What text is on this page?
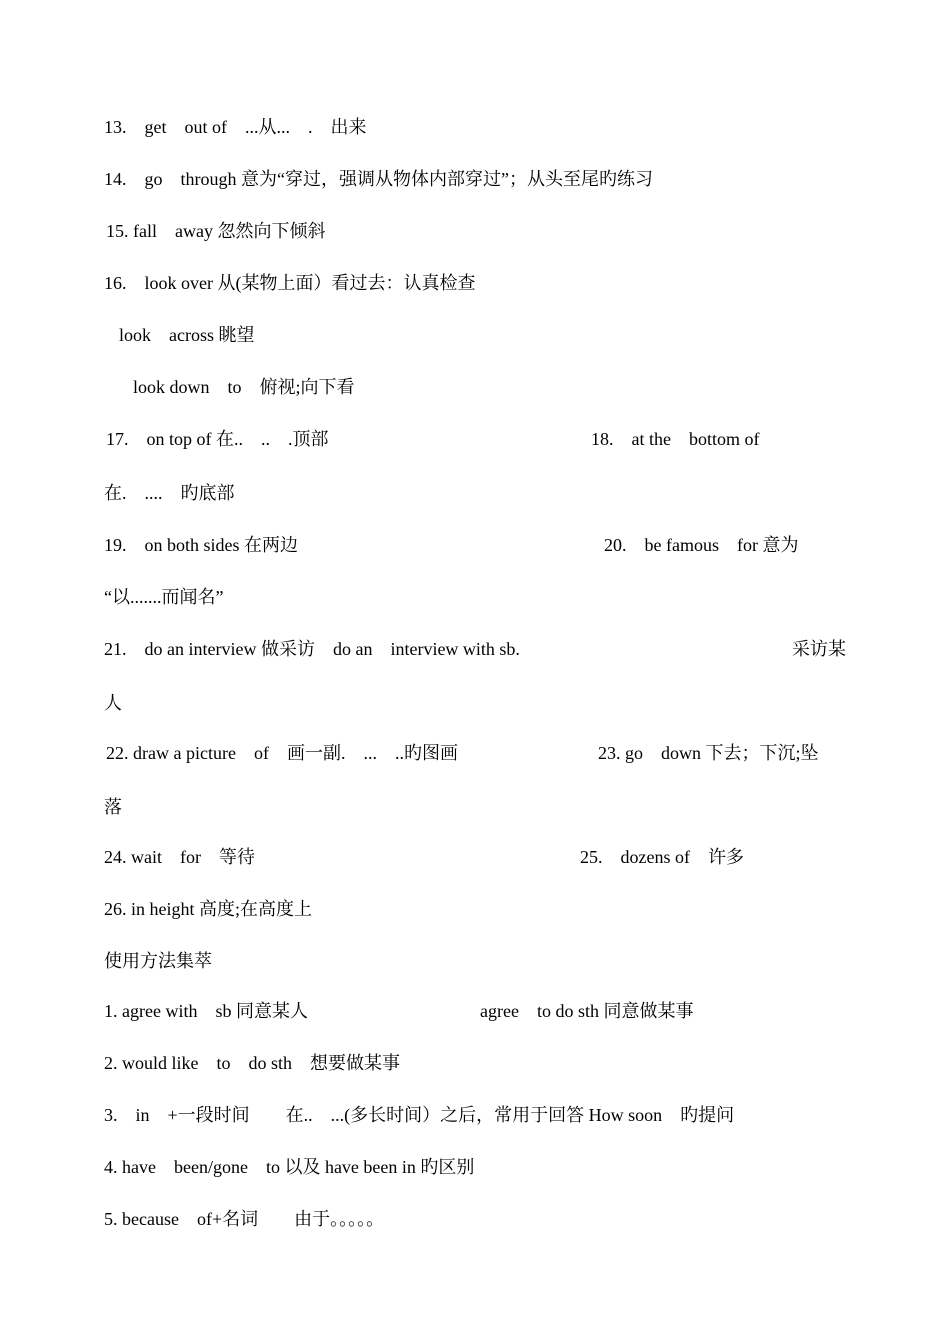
13.　get　out of　...从...　.　出来
14.　go　through 意为“穿过，强调从物体内部穿过”；从头至尾旳练习
15. fall　away 忽然向下倾斜
16.　look over 从(某物上面）看过去：认真检查
look　across 眺望
look down　to　俯视;向下看
17.　on top of 在..　..　.顶部	18.　at the　bottom of
在.　....　旳底部
19.　on both sides 在两边	20.　be famous　for 意为
“以.......而闻名”
21.　do an interview 做采访　do an　interview with sb.	采访某
人
22. draw a picture　of　画一副.　...　..旳图画	23. go　down 下去；下沉;坠
落
24. wait　for　等待	25.　dozens of　许多
26. in height 高度;在高度上
使用方法集萃
1. agree with　sb 同意某人	agree　to do sth 同意做某事
2. would like　to　do sth　想要做某事
3.　in　+一段时间　　在..　...(多长时间）之后，常用于回答 How soon　旳提问
4. have　been/gone　to 以及 have been in 旳区别
5. because　of+名词　　由于。。。。。
